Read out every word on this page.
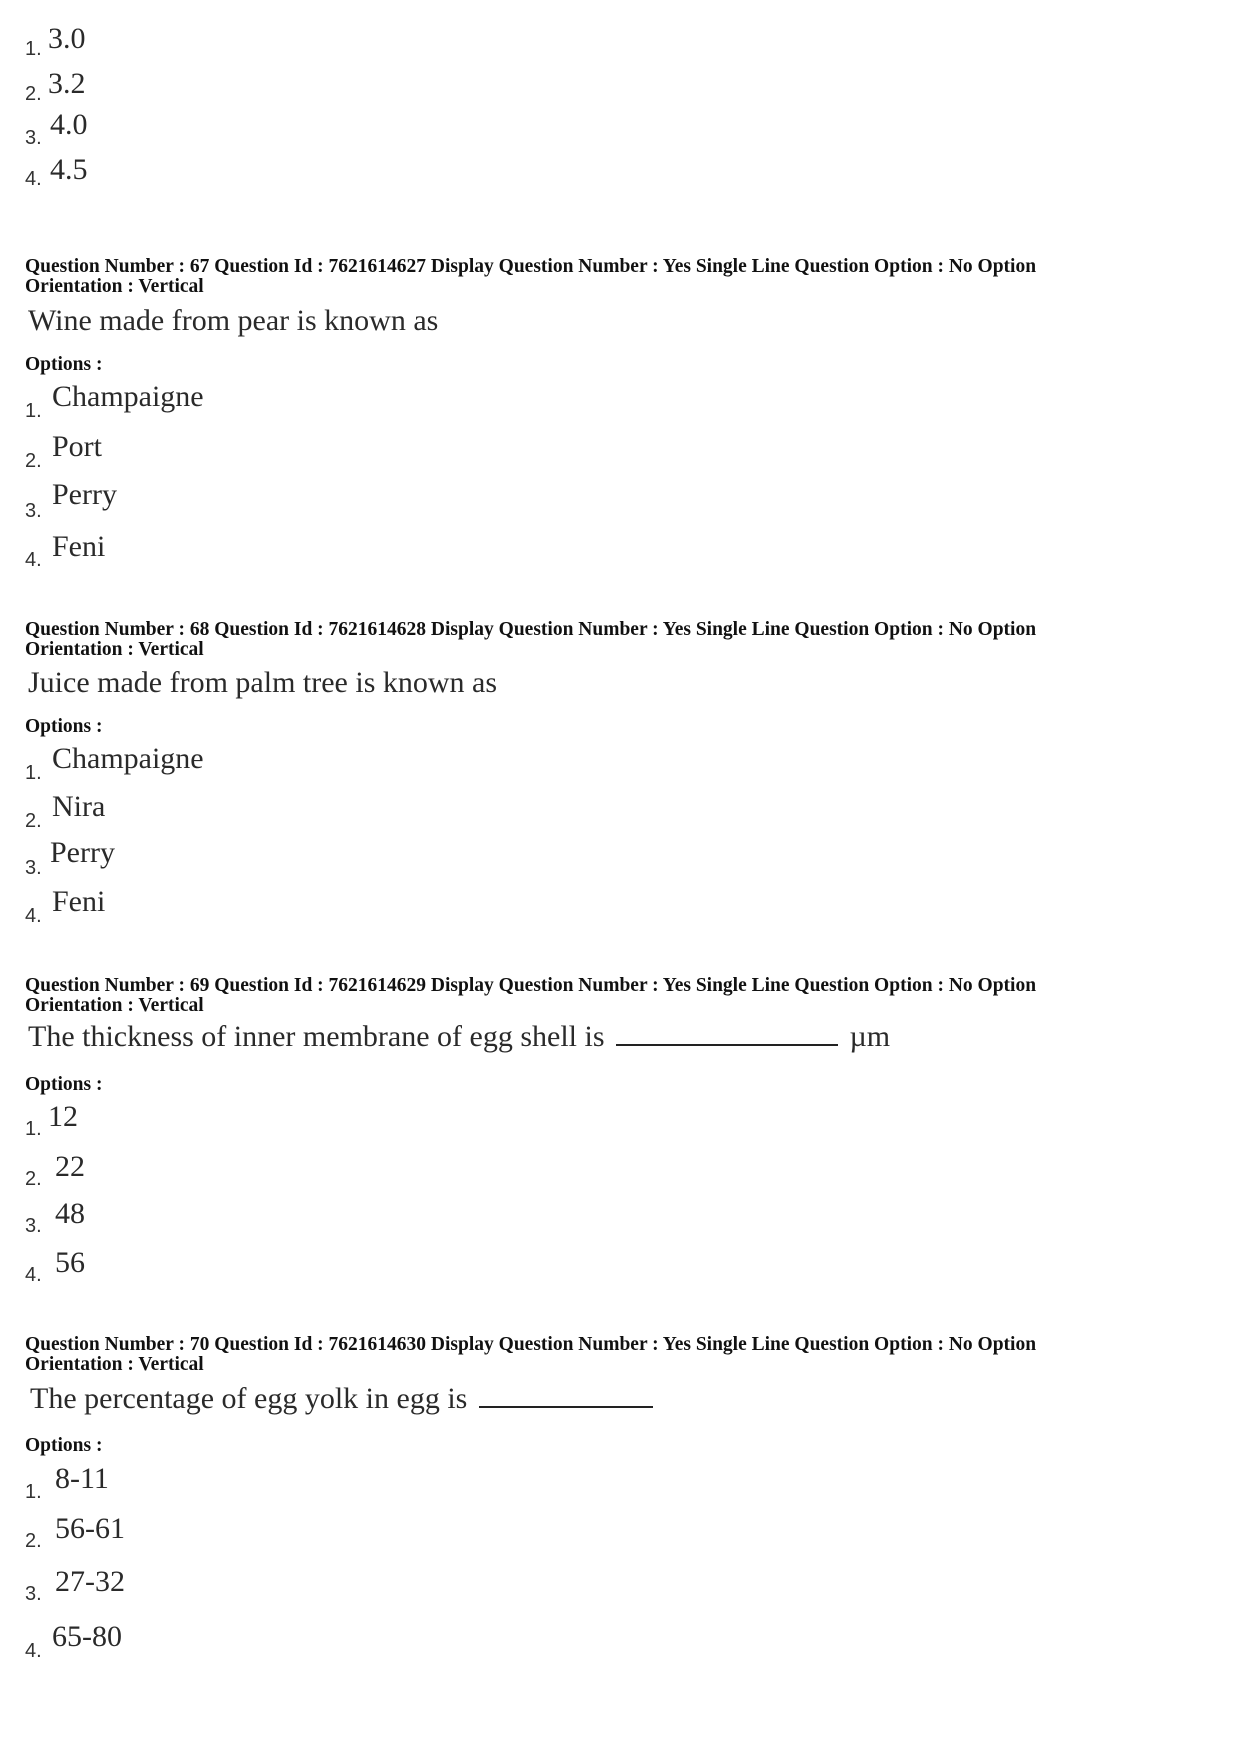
1. 3.0
2. 3.2
3. 4.0
4. 4.5
Question Number : 67 Question Id : 7621614627 Display Question Number : Yes Single Line Question Option : No Option
Orientation : Vertical
Wine made from pear is known as
Options :
1. Champaigne
2. Port
3. Perry
4. Feni
Question Number : 68 Question Id : 7621614628 Display Question Number : Yes Single Line Question Option : No Option
Orientation : Vertical
Juice made from palm tree is known as
Options :
1. Champaigne
2. Nira
3. Perry
4. Feni
Question Number : 69 Question Id : 7621614629 Display Question Number : Yes Single Line Question Option : No Option
Orientation : Vertical
The thickness of inner membrane of egg shell is	µm
Options :
1. 12
2. 22
3. 48
4. 56
Question Number : 70 Question Id : 7621614630 Display Question Number : Yes Single Line Question Option : No Option
Orientation : Vertical
The percentage of egg yolk in egg is
Options :
1. 8-11
2. 56-61
3. 27-32
4. 65-80
